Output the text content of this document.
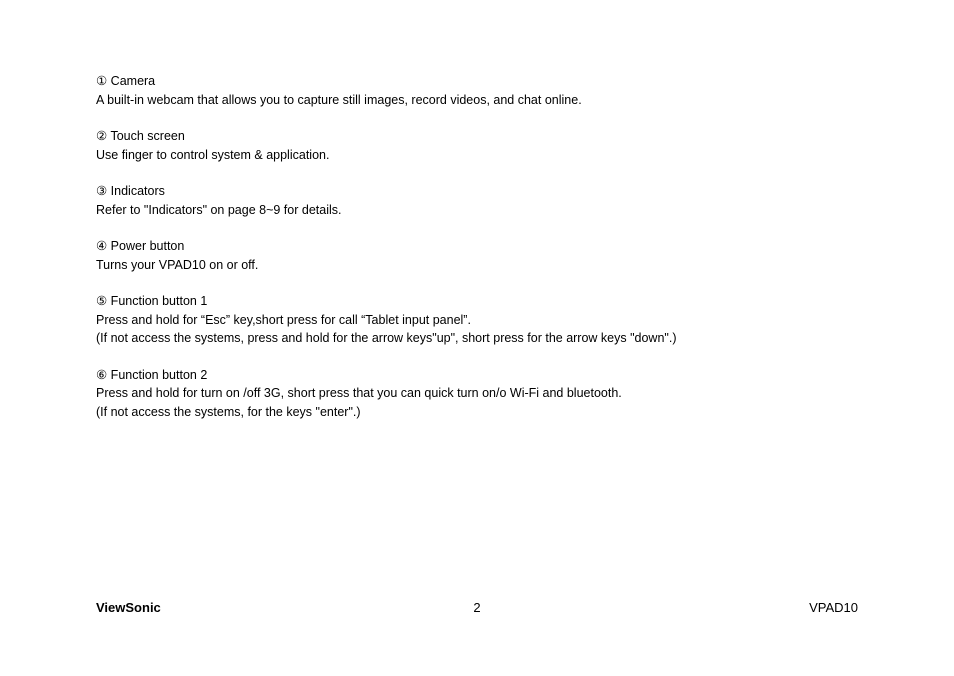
① Camera
A built-in webcam that allows you to capture still images, record videos, and chat online.
② Touch screen
Use finger to control system & application.
③ Indicators
Refer to "Indicators" on page 8~9 for details.
④ Power button
Turns your VPAD10 on or off.
⑤ Function button 1
Press and hold for “Esc” key,short press for call “Tablet input panel”.
(If not access the systems, press and hold for the arrow keys"up", short press for the arrow keys "down".)
⑥ Function button 2
Press and hold for turn on /off 3G, short press that you can quick turn on/o Wi-Fi and bluetooth.
(If not access the systems, for the keys "enter".)
ViewSonic	2	VPAD10
